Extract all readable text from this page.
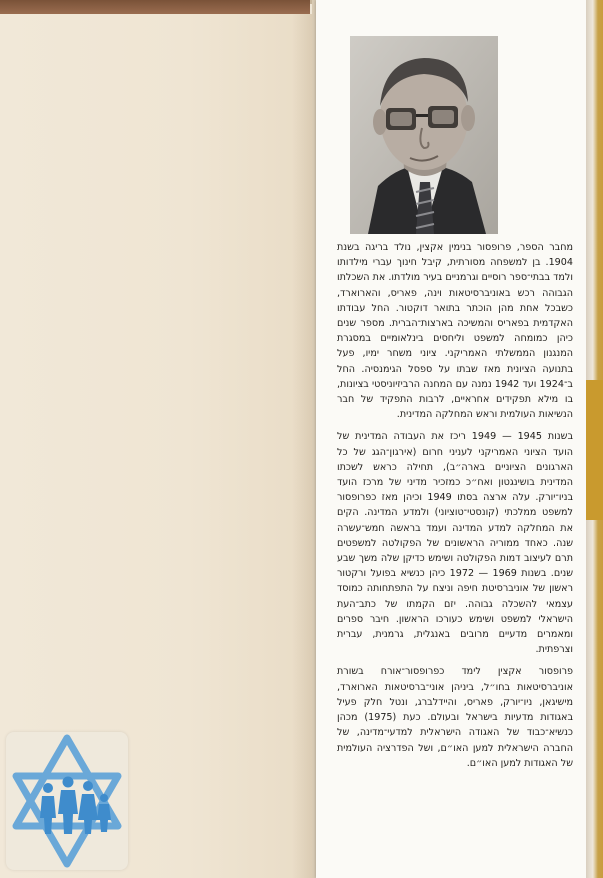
מחבר הספר, פרופסור בנימין אקצין, נולד בריגה בשנת 1904. בן למשפחה מסורתית, קיבל חינוך עברי מילדותו ולמד בבתי־ספר רוסיים וגרמניים בעיר מולדתו. את השכלתו הגבוהה רכש באוניברסיטאות וינה, פאריס, והארוארד, כשבכל אחת מהן הוכתר בתואר דוקטור. החל עבודתו האקדמית בפאריס והמשיכה בארצות־הברית. מספר שנים כיהן כמומחה למשפט וליחסים בינלאומיים במסגרת המנגנון הממשלתי האמריקני. ציוני משחר ימיו, פעל בתנועה הציונית מאז שבתו על ספסל הגימנסיה. החל ב־1924 ועד 1942 נמנה עם המחנה הרביזיוניסטי בציונות, בו מילא תפקידים אחראיים, לרבות התפקיד של חבר הנשיאות העולמית וראש המחלקה המדינית.

בשנות 1945 — 1949 ריכז את העבודה המדינית של הועד הציוני האמריקני לעניני חרום (אירגון־הגג של כל הארגונים הציוניים בארה״ב), תחילה כראש לשכתו המדינית בושינגטון ואח״כ כמזכיר מדיני של מרכז הועד בניו־יורק. עלה ארצה בסתו 1949 וכיהן מאז כפרופסור למשפט ממלכתי (קונסטי־טוציוני) ולמדע המדינה. הקים את המחלקה למדע המדינה ועמד בראשה חמש־עשרה שנה. כאחד ממוריה הראשונים של הפקולטה למשפטים תרם לעיצוב דמות הפקולטה ושימש כדיקן שלה משך שבע שנים. בשנות 1969 — 1972 כיהן כנשיא בפועל ורקטור ראשון של אוניברסיטת חיפה וניצח על התפתחותה כמוסד עצמאי להשכלה גבוהה. יזם הקמתו של כתב־העת הישראלי למשפט ושימש כעורכו הראשון. חיבר ספרים ומאמרים מדעיים מרובים באנגלית, גרמנית, עברית וצרפתית.

פרופסור אקצין לימד כפרופסור־אורח בשורת אוניברסיטאות בחו״ל, ביניהן אוני־ברסיטאות הארוארד, מישיגאן, ניו־יורק, פאריס, והיידלברג, ונטל חלק פעיל באגודות מדעיות בישראל ובעולם. כעת (1975) מכהן כנשיא־כבוד של האגודה הישראלית למדעי־מדינה, של החברה הישראלית למען האו״ם, ושל הפדרציה העולמית של האגודות למען האו״ם.
